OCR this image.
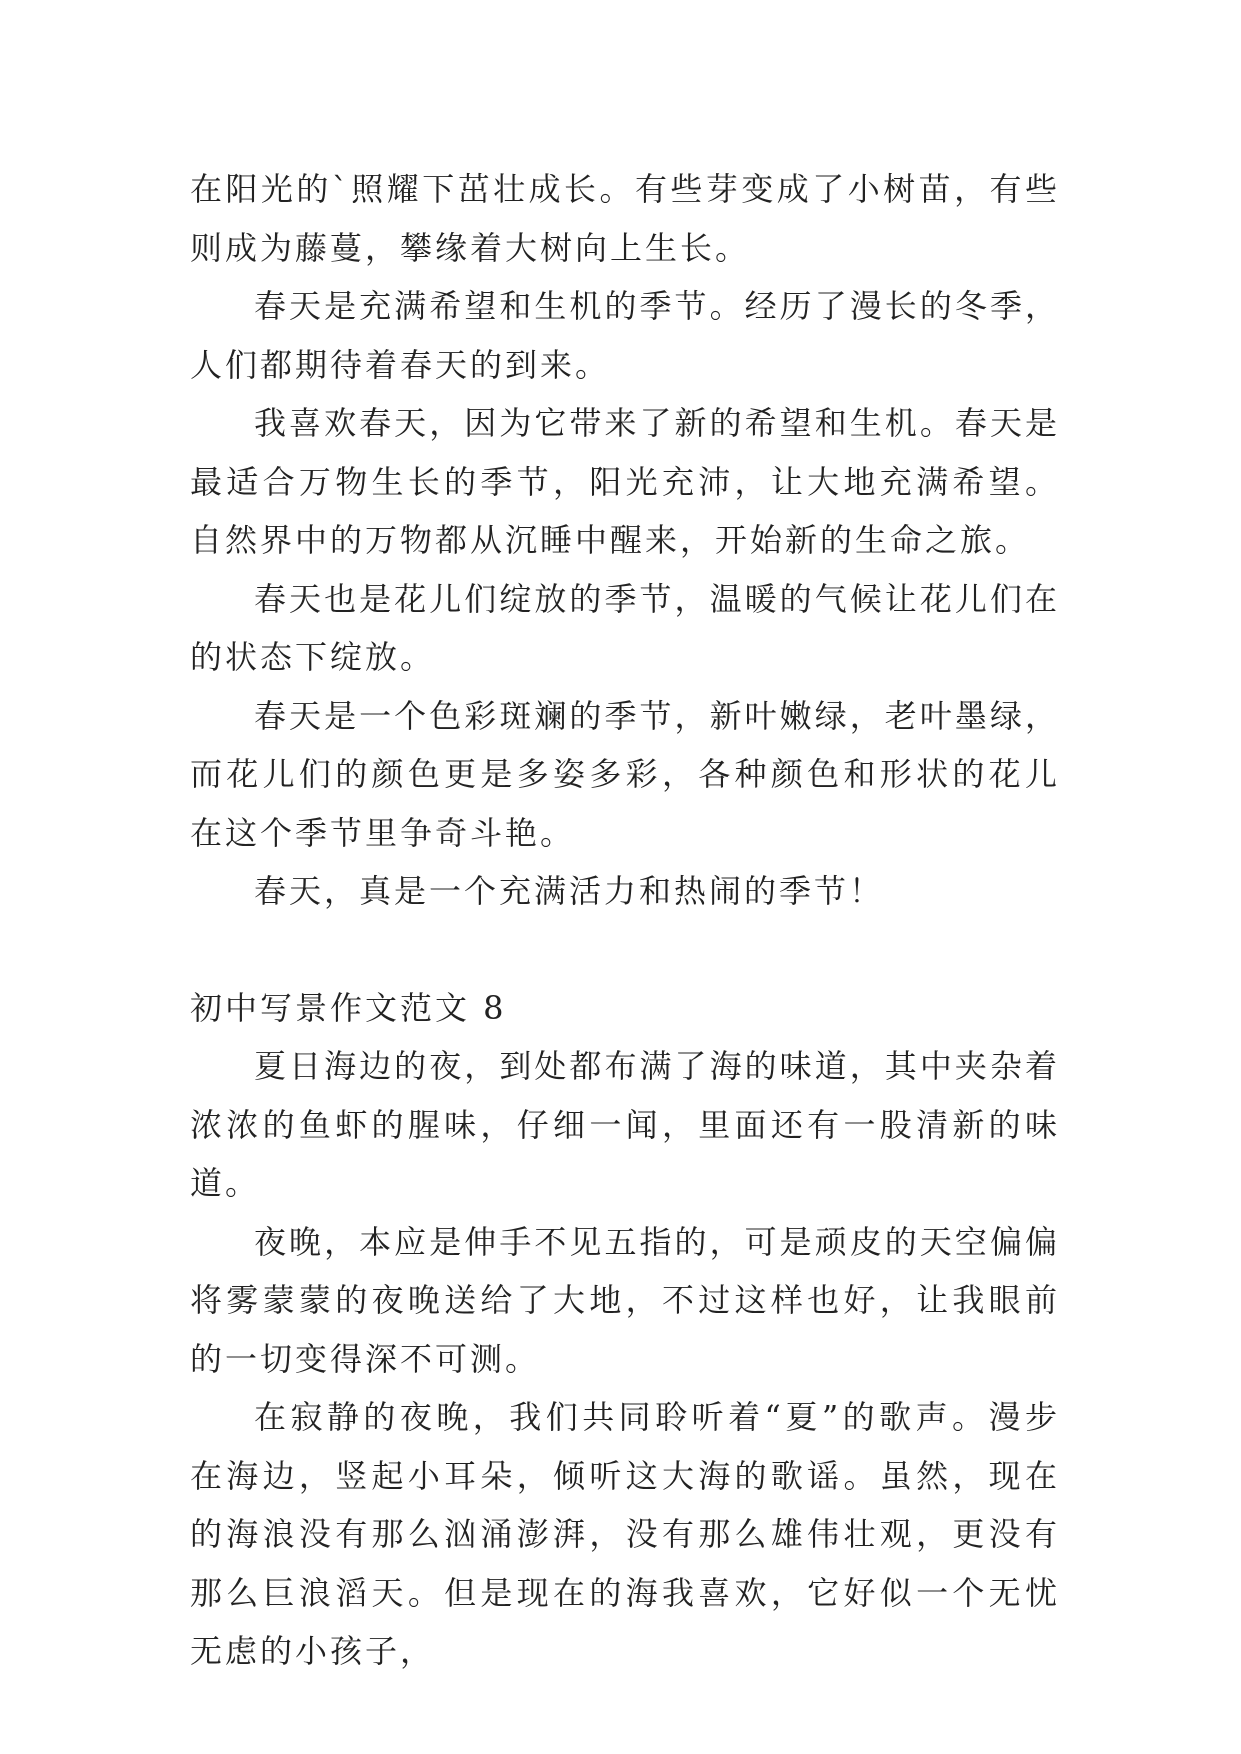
在阳光的`照耀下茁壮成长。有些芽变成了小树苗，有些则成为藤蔓，攀缘着大树向上生长。

春天是充满希望和生机的季节。经历了漫长的冬季，人们都期待着春天的到来。

我喜欢春天，因为它带来了新的希望和生机。春天是最适合万物生长的季节，阳光充沛，让大地充满希望。自然界中的万物都从沉睡中醒来，开始新的生命之旅。

春天也是花儿们绽放的季节，温暖的气候让花儿们在的状态下绽放。

春天是一个色彩斑斓的季节，新叶嫩绿，老叶墨绿，而花儿们的颜色更是多姿多彩，各种颜色和形状的花儿在这个季节里争奇斗艳。

春天，真是一个充满活力和热闹的季节！

初中写景作文范文 8

夏日海边的夜，到处都布满了海的味道，其中夹杂着浓浓的鱼虾的腥味，仔细一闻，里面还有一股清新的味道。

夜晚，本应是伸手不见五指的，可是顽皮的天空偏偏将雾蒙蒙的夜晚送给了大地，不过这样也好，让我眼前的一切变得深不可测。

在寂静的夜晚，我们共同聆听着“夏”的歌声。漫步在海边，竖起小耳朵，倾听这大海的歌谣。虽然，现在的海浪没有那么汹涌澎湃，没有那么雄伟壮观，更没有那么巨浪滔天。但是现在的海我喜欢，它好似一个无忧无虑的小孩子，
